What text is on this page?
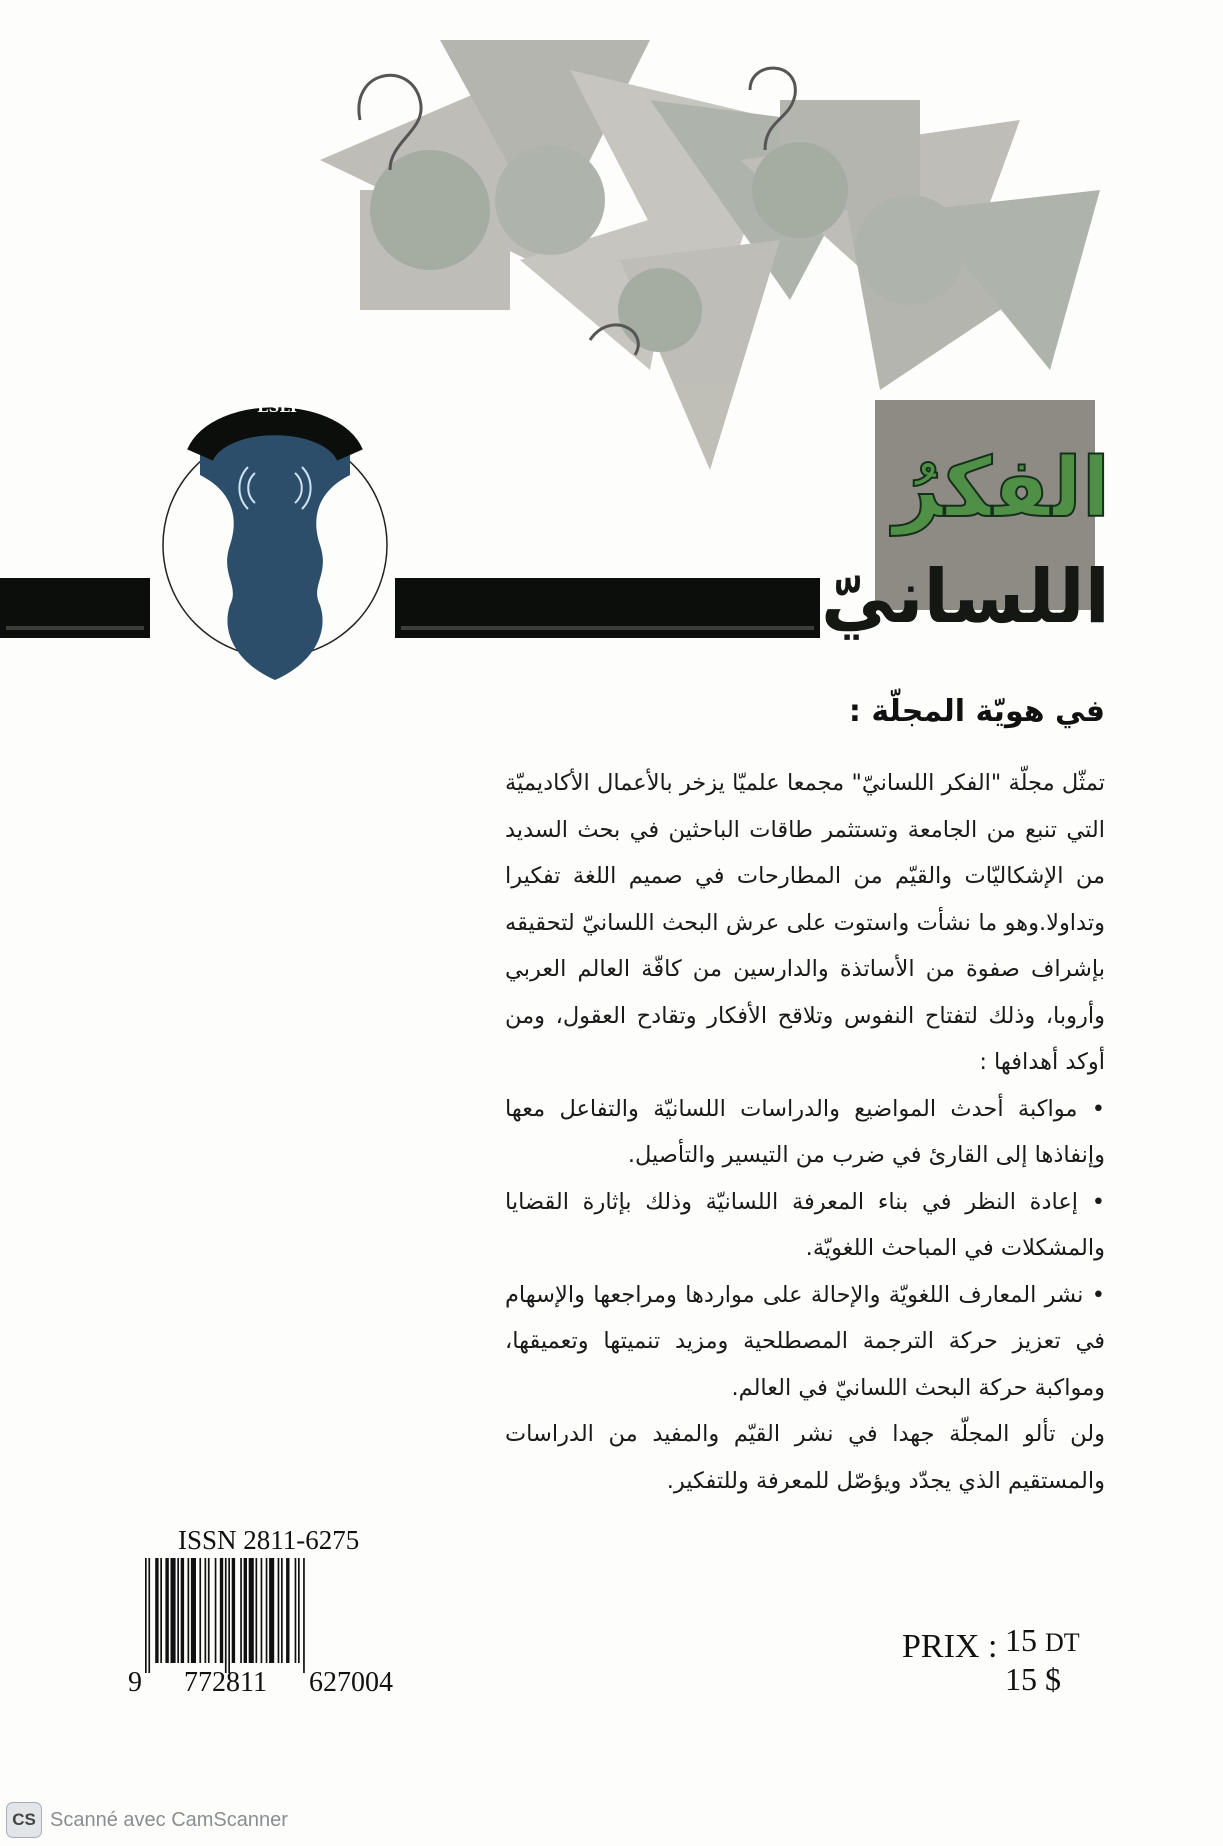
ESLI
الفكرُ
اللسانيّ
في هويّة المجلّة :

تمثّل مجلّة "الفكر اللسانيّ" مجمعا علميّا يزخر بالأعمال الأكاديميّة التي تنبع من الجامعة وتستثمر طاقات الباحثين في بحث السديد من الإشكاليّات والقيّم من المطارحات في صميم اللغة تفكيرا وتداولا.وهو ما نشأت واستوت على عرش البحث اللسانيّ لتحقيقه بإشراف صفوة من الأساتذة والدارسين من كافّة العالم العربي وأروبا، وذلك لتفتاح النفوس وتلاقح الأفكار وتقادح العقول، ومن أوكد أهدافها :

• مواكبة أحدث المواضيع والدراسات اللسانيّة والتفاعل معها وإنفاذها إلى القارئ في ضرب من التيسير والتأصيل.

• إعادة النظر في بناء المعرفة اللسانيّة وذلك بإثارة القضايا والمشكلات في المباحث اللغويّة.

• نشر المعارف اللغويّة والإحالة على مواردها ومراجعها والإسهام في تعزيز حركة الترجمة المصطلحية ومزيد تنميتها وتعميقها، ومواكبة حركة البحث اللسانيّ في العالم.

ولن تألو المجلّة جهدا في نشر القيّم والمفيد من الدراسات والمستقيم الذي يجدّد ويؤصّل للمعرفة وللتفكير.

ISSN 2811-6275
9 772811 627004
PRIX : 15 DT
15 $
CS Scanné avec CamScanner
